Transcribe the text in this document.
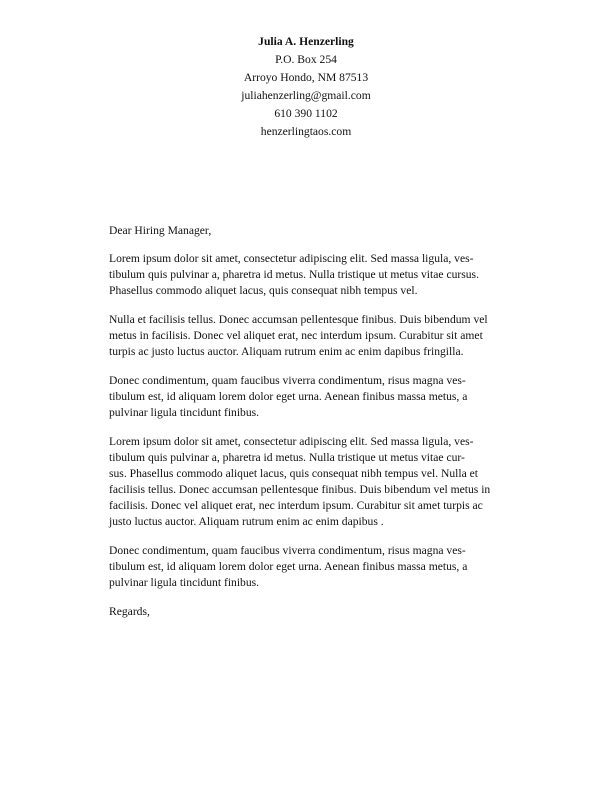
Julia A. Henzerling
P.O. Box 254
Arroyo Hondo, NM 87513
juliahenzerling@gmail.com
610 390 1102
henzerlingtaos.com

Dear Hiring Manager,

Lorem ipsum dolor sit amet, consectetur adipiscing elit. Sed massa ligula, ves-
tibulum quis pulvinar a, pharetra id metus. Nulla tristique ut metus vitae cursus.
Phasellus commodo aliquet lacus, quis consequat nibh tempus vel.

Nulla et facilisis tellus. Donec accumsan pellentesque finibus. Duis bibendum vel
metus in facilisis. Donec vel aliquet erat, nec interdum ipsum. Curabitur sit amet
turpis ac justo luctus auctor. Aliquam rutrum enim ac enim dapibus fringilla.

Donec condimentum, quam faucibus viverra condimentum, risus magna ves-
tibulum est, id aliquam lorem dolor eget urna. Aenean finibus massa metus, a
pulvinar ligula tincidunt finibus.

Lorem ipsum dolor sit amet, consectetur adipiscing elit. Sed massa ligula, ves-
tibulum quis pulvinar a, pharetra id metus. Nulla tristique ut metus vitae cur-
sus. Phasellus commodo aliquet lacus, quis consequat nibh tempus vel. Nulla et
facilisis tellus. Donec accumsan pellentesque finibus. Duis bibendum vel metus in
facilisis. Donec vel aliquet erat, nec interdum ipsum. Curabitur sit amet turpis ac
justo luctus auctor. Aliquam rutrum enim ac enim dapibus .

Donec condimentum, quam faucibus viverra condimentum, risus magna ves-
tibulum est, id aliquam lorem dolor eget urna. Aenean finibus massa metus, a
pulvinar ligula tincidunt finibus.

Regards,
